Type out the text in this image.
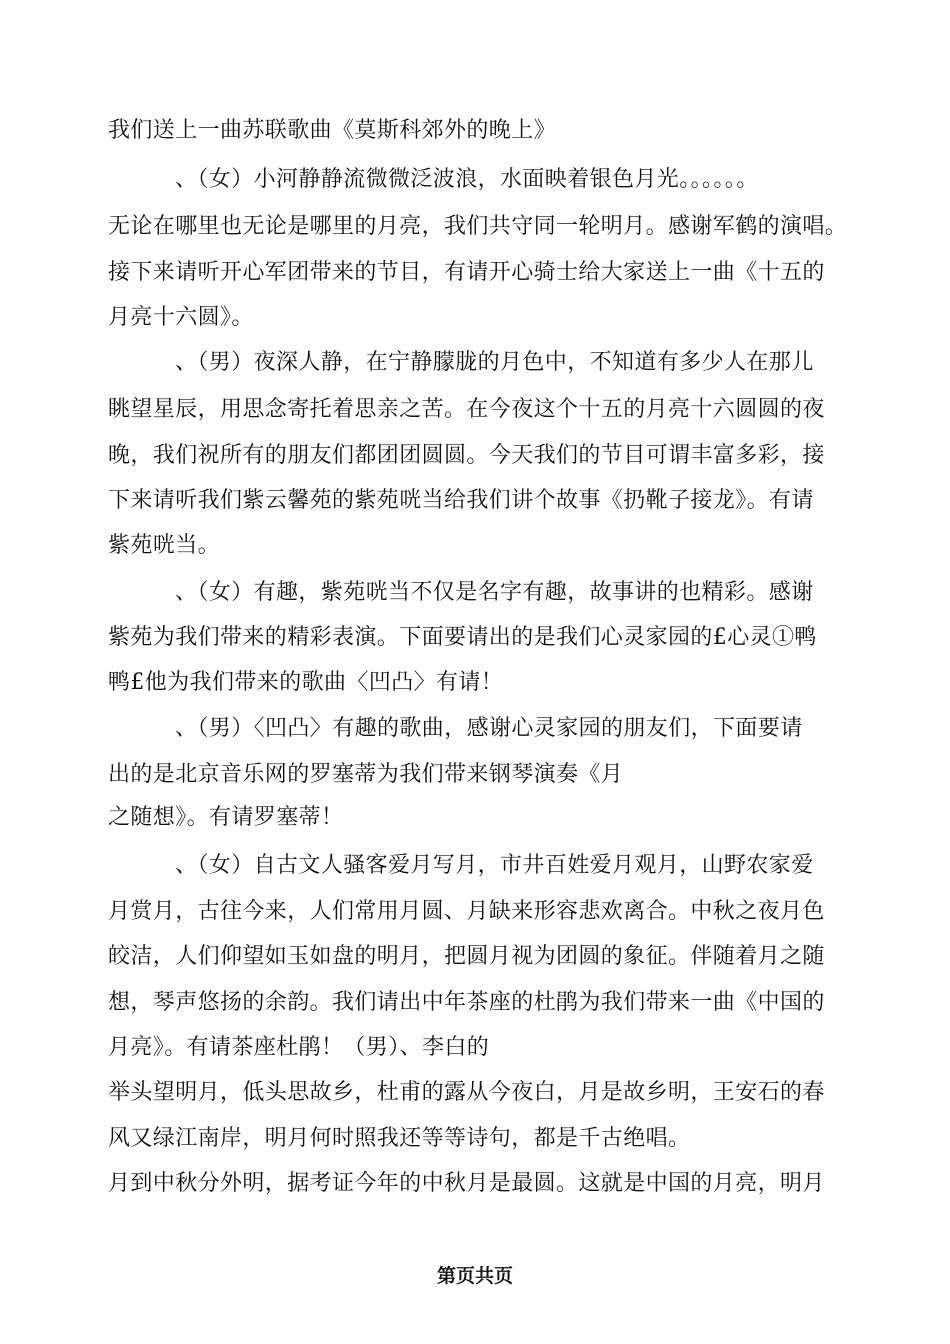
我们送上一曲苏联歌曲《莫斯科郊外的晚上》
、（女）小河静静流微微泛波浪，水面映着银色月光。。。。。。
无论在哪里也无论是哪里的月亮，我们共守同一轮明月。感谢军鹤的演唱。
接下来请听开心军团带来的节目，有请开心骑士给大家送上一曲《十五的
月亮十六圆》。
、（男）夜深人静，在宁静朦胧的月色中，不知道有多少人在那儿
眺望星辰，用思念寄托着思亲之苦。在今夜这个十五的月亮十六圆圆的夜
晚，我们祝所有的朋友们都团团圆圆。今天我们的节目可谓丰富多彩，接
下来请听我们紫云馨苑的紫苑咣当给我们讲个故事《扔靴子接龙》。有请
紫苑咣当。
、（女）有趣，紫苑咣当不仅是名字有趣，故事讲的也精彩。感谢
紫苑为我们带来的精彩表演。下面要请出的是我们心灵家园的£心灵①鸭
鸭£他为我们带来的歌曲〈凹凸〉有请！
、（男）〈凹凸〉有趣的歌曲，感谢心灵家园的朋友们，下面要请
出的是北京音乐网的罗塞蒂为我们带来钢琴演奏《月
之随想》。有请罗塞蒂！
、（女）自古文人骚客爱月写月，市井百姓爱月观月，山野农家爱
月赏月，古往今来，人们常用月圆、月缺来形容悲欢离合。中秋之夜月色
皎洁，人们仰望如玉如盘的明月，把圆月视为团圆的象征。伴随着月之随
想，琴声悠扬的余韵。我们请出中年茶座的杜鹃为我们带来一曲《中国的
月亮》。有请茶座杜鹃！（男）、李白的
举头望明月，低头思故乡，杜甫的露从今夜白，月是故乡明，王安石的春
风又绿江南岸，明月何时照我还等等诗句，都是千古绝唱。
月到中秋分外明，据考证今年的中秋月是最圆。这就是中国的月亮，明月
第页共页
